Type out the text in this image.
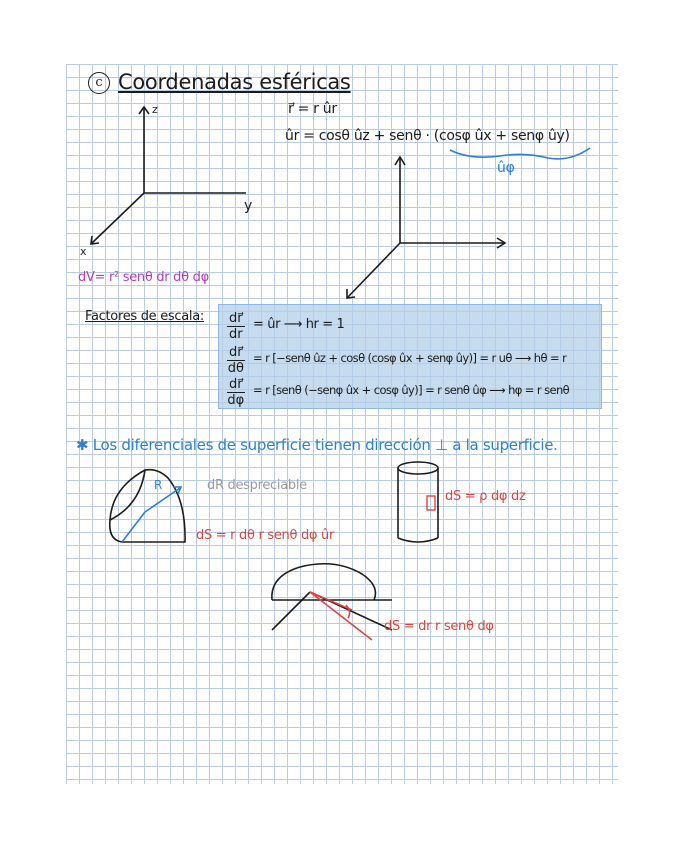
c Coordenadas esféricas
z
y
x
r⃗ = r ûr
ûr = cosθ ûz + senθ · (cosφ ûx + senφ ûy)
ûφ
dV= r² senθ dr dθ dφ
Factores de escala: $\frac{dr⃗}{dr}$ = ûr ⟶ hr = 1
$\frac{dr⃗}{d\theta} = r$ [−senθ ûz + cosθ (cosφ ûx + senφ ûy)] = r uθ ⟶ hθ = r
$\frac{dr⃗}{d\varphi} = r$ [senθ (−senφ ûx + cosφ ûy)] = r senθ ûφ ⟶ hφ = r senθ
✱ Los diferenciales de superficie tienen dirección ⊥ a la superficie.
R	dR despreciable
dS = ρ dφ dz
dS = r dθ r senθ dφ ûr
dS = dr r senθ dφ
